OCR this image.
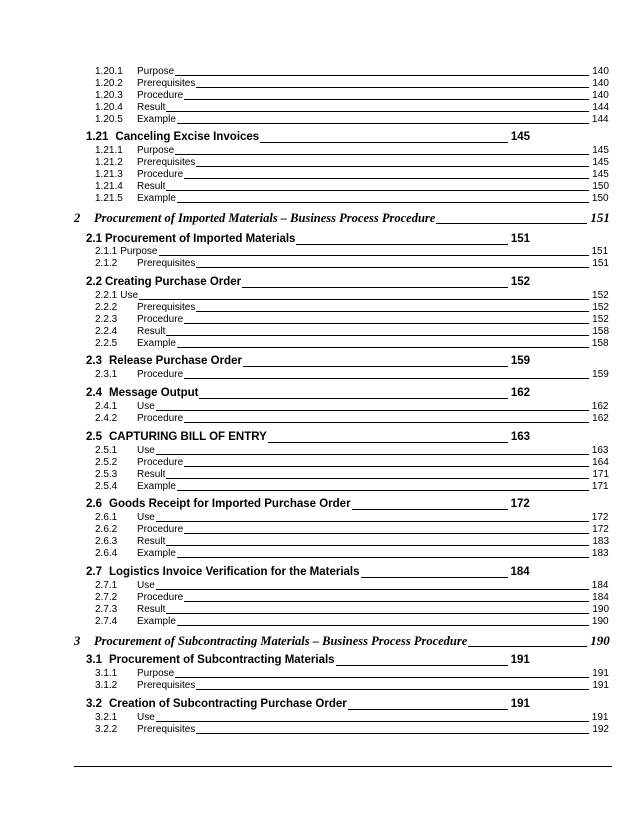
1.20.1	Purpose	140
1.20.2	Prerequisites	140
1.20.3	Procedure	140
1.20.4	Result	144
1.20.5	Example	144
1.21 Canceling Excise Invoices	145
1.21.1	Purpose	145
1.21.2	Prerequisites	145
1.21.3	Procedure	145
1.21.4	Result	150
1.21.5	Example	150
2	Procurement of Imported Materials – Business Process Procedure	151
2.1 Procurement of Imported Materials	151
2.1.1 Purpose	151
2.1.2	Prerequisites	151
2.2 Creating Purchase Order	152
2.2.1 Use	152
2.2.2	Prerequisites	152
2.2.3	Procedure	152
2.2.4	Result	158
2.2.5	Example	158
2.3 Release Purchase Order	159
2.3.1	Procedure	159
2.4 Message Output	162
2.4.1	Use	162
2.4.2	Procedure	162
2.5 CAPTURING BILL OF ENTRY	163
2.5.1	Use	163
2.5.2	Procedure	164
2.5.3	Result	171
2.5.4	Example	171
2.6 Goods Receipt for Imported Purchase Order	172
2.6.1	Use	172
2.6.2	Procedure	172
2.6.3	Result	183
2.6.4	Example	183
2.7 Logistics Invoice Verification for the Materials	184
2.7.1	Use	184
2.7.2	Procedure	184
2.7.3	Result	190
2.7.4	Example	190
3	Procurement of Subcontracting Materials – Business Process Procedure	190
3.1 Procurement of Subcontracting Materials	191
3.1.1	Purpose	191
3.1.2	Prerequisites	191
3.2 Creation of Subcontracting Purchase Order	191
3.2.1	Use	191
3.2.2	Prerequisites	192
